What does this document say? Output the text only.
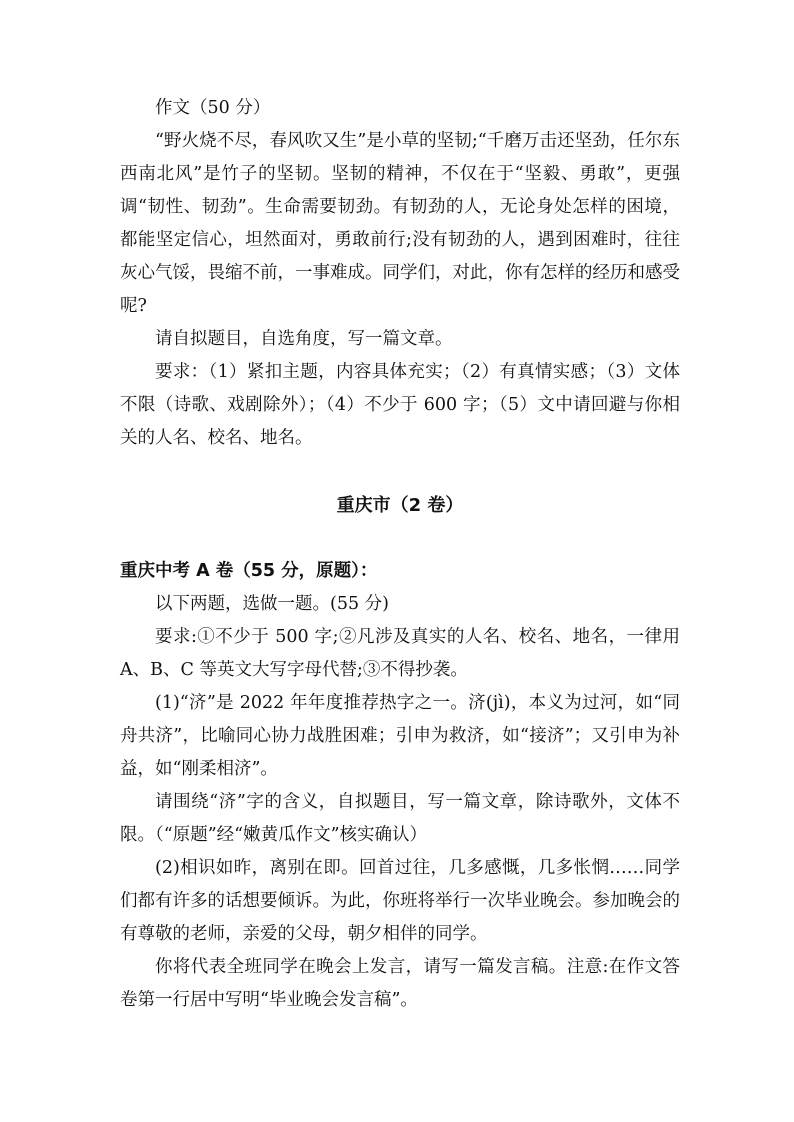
作文（50 分）

“野火烧不尽，春风吹又生”是小草的坚韧;“千磨万击还坚劲，任尔东西南北风”是竹子的坚韧。坚韧的精神，不仅在于“坚毅、勇敢”，更强调“韧性、韧劲”。生命需要韧劲。有韧劲的人，无论身处怎样的困境，都能坚定信心，坦然面对，勇敢前行;没有韧劲的人，遇到困难时，往往灰心气馁，畏缩不前，一事难成。同学们，对此，你有怎样的经历和感受呢?

请自拟题目，自选角度，写一篇文章。

要求：（1）紧扣主题，内容具体充实；（2）有真情实感；（3）文体不限（诗歌、戏剧除外）；（4）不少于 600 字；（5）文中请回避与你相关的人名、校名、地名。

重庆市（2 卷）

重庆中考 A 卷（55 分，原题）：

以下两题，选做一题。(55 分)

要求:①不少于 500 字;②凡涉及真实的人名、校名、地名，一律用 A、B、C 等英文大写字母代替;③不得抄袭。

(1)“济”是 2022 年年度推荐热字之一。济(jì)，本义为过河，如“同舟共济”，比喻同心协力战胜困难；引申为救济，如“接济”；又引申为补益，如“刚柔相济”。

请围绕“济”字的含义，自拟题目，写一篇文章，除诗歌外，文体不限。（“原题”经“嫩黄瓜作文”核实确认）

(2)相识如昨，离别在即。回首过往，几多感慨，几多怅惘……同学们都有许多的话想要倾诉。为此，你班将举行一次毕业晚会。参加晚会的有尊敬的老师，亲爱的父母，朝夕相伴的同学。

你将代表全班同学在晚会上发言，请写一篇发言稿。注意:在作文答卷第一行居中写明“毕业晚会发言稿”。
